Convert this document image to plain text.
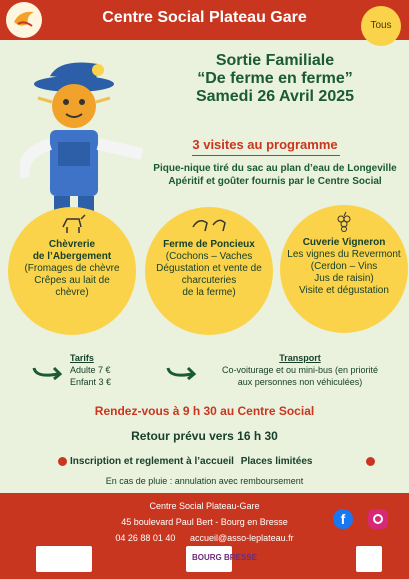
Centre Social Plateau Gare	Tous
Sortie Familiale
“De ferme en ferme”
Samedi 26 Avril 2025
3 visites au programme
Pique-nique tiré du sac au plan d’eau de Longeville
Apéritif et goûter fournis par le Centre Social
Chèvrerie
de l’Abergement
(Fromages de chèvre
Crêpes au lait de
chèvre)
Ferme de Poncieux
(Cochons – Vaches
Dégustation et vente de
charcuteries
de la ferme)
Cuverie Vigneron
Les vignes du Revermont
(Cerdon – Vins
Jus de raisin)
Visite et dégustation
Tarifs
Adulte 7 €
Enfant 3 €
Transport
Co-voiturage et ou mini-bus (en priorité
aux personnes non véhiculées)
Rendez-vous à 9 h 30 au Centre Social
Retour prévu vers 16 h 30
Inscription et reglement à l’accueil Places limitées
En cas de pluie : annulation avec remboursement
Centre Social Plateau-Gare
45 boulevard Paul Bert - Bourg en Bresse
04 26 88 01 40 accueil@asso-leplateau.fr
f
BOURG BRESSE
